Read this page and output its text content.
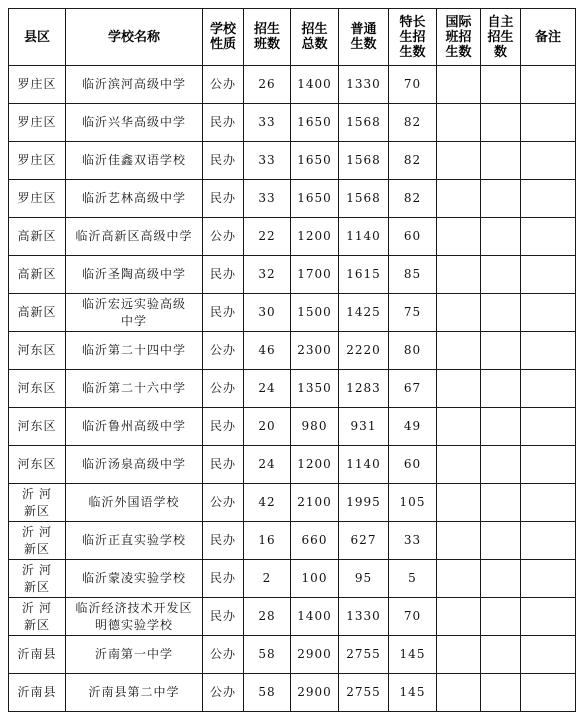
县区	学校名称	学校性质	招生班数	招生总数	普通生数	特长生招生数	国际班招生数	自主招生数	备注
罗庄区	临沂滨河高级中学	公办	26	1400	1330	70			
罗庄区	临沂兴华高级中学	民办	33	1650	1568	82			
罗庄区	临沂佳鑫双语学校	民办	33	1650	1568	82			
罗庄区	临沂艺林高级中学	民办	33	1650	1568	82			
高新区	临沂高新区高级中学	公办	22	1200	1140	60			
高新区	临沂圣陶高级中学	民办	32	1700	1615	85			
高新区	临沂宏远实验高级中学	民办	30	1500	1425	75			
河东区	临沂第二十四中学	公办	46	2300	2220	80			
河东区	临沂第二十六中学	公办	24	1350	1283	67			
河东区	临沂鲁州高级中学	民办	20	980	931	49			
河东区	临沂汤泉高级中学	民办	24	1200	1140	60			
沂河新区	临沂外国语学校	公办	42	2100	1995	105			
沂河新区	临沂正直实验学校	民办	16	660	627	33			
沂河新区	临沂蒙凌实验学校	民办	2	100	95	5			
沂河新区	临沂经济技术开发区明德实验学校	民办	28	1400	1330	70			
沂南县	沂南第一中学	公办	58	2900	2755	145			
沂南县	沂南县第二中学	公办	58	2900	2755	145			
